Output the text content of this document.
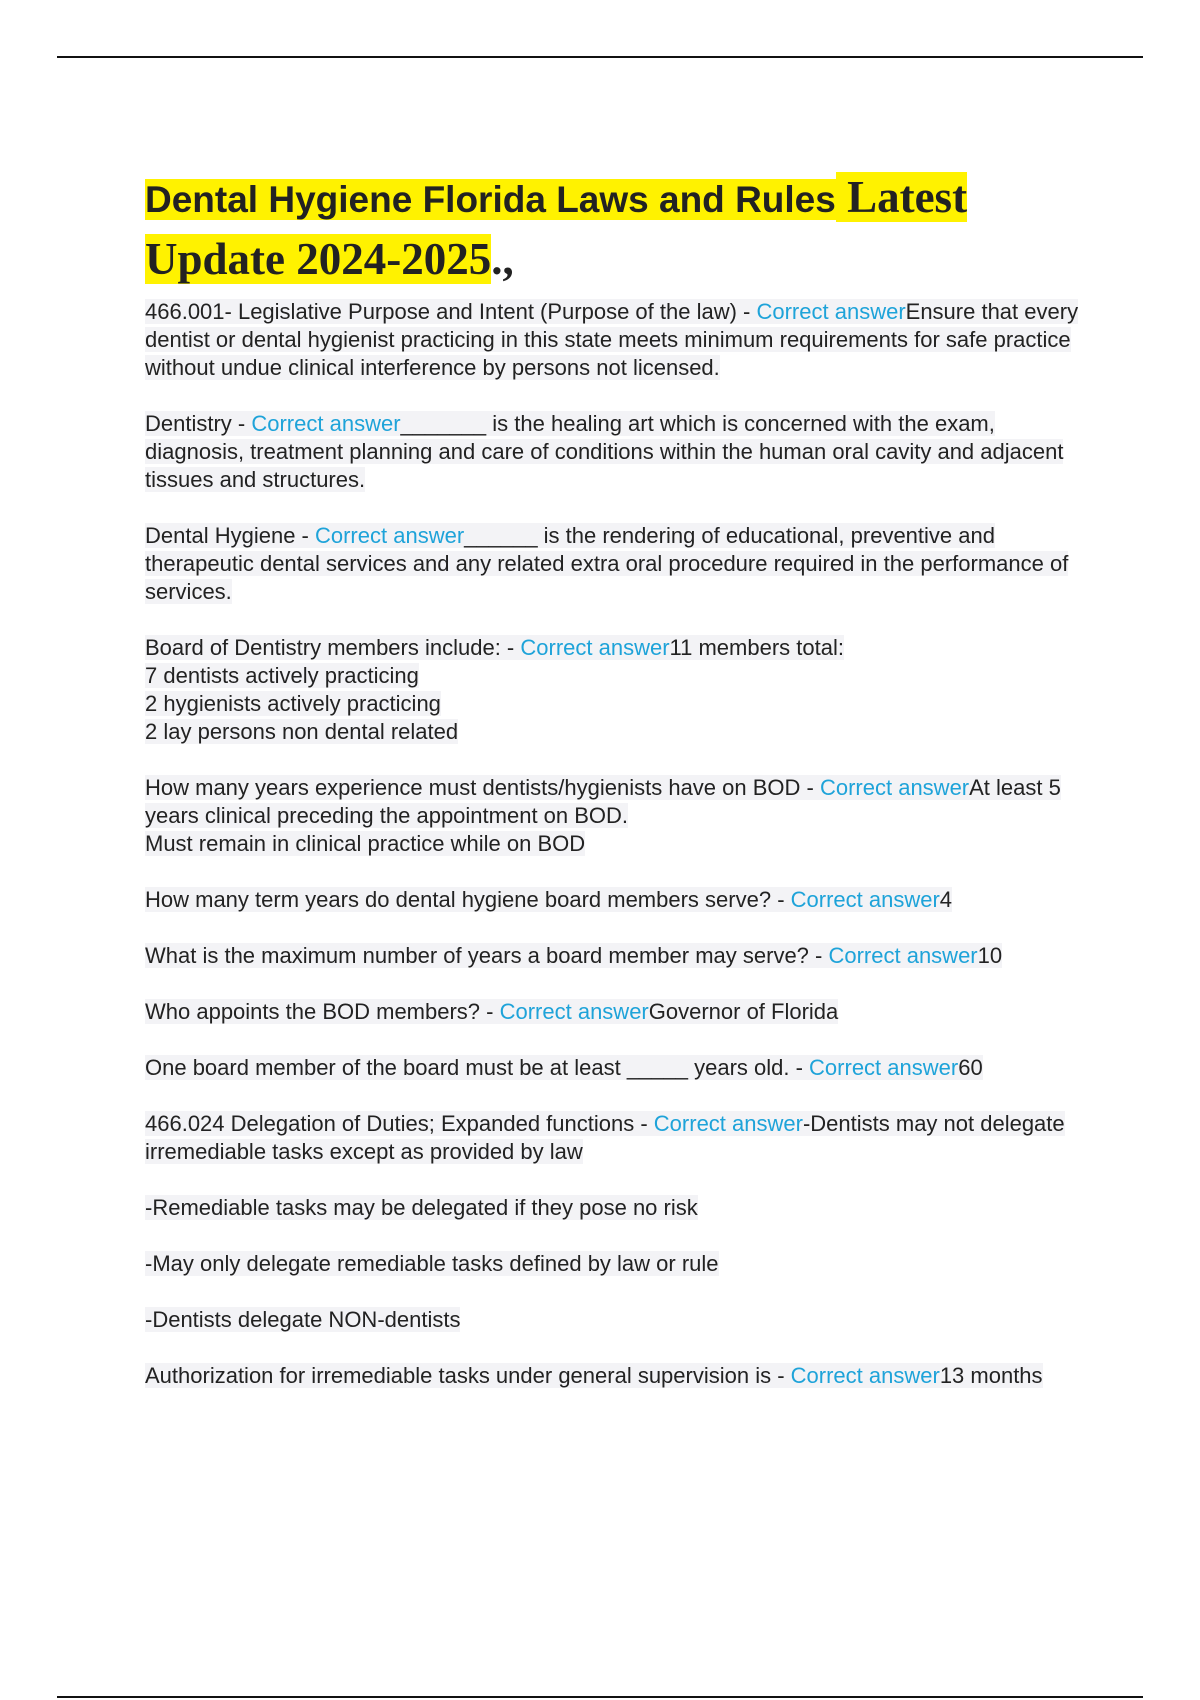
Dental Hygiene Florida Laws and Rules Latest
Update 2024-2025.,

466.001- Legislative Purpose and Intent (Purpose of the law) - Correct answerEnsure that every dentist or dental hygienist practicing in this state meets minimum requirements for safe practice without undue clinical interference by persons not licensed.

Dentistry - Correct answer_______ is the healing art which is concerned with the exam, diagnosis, treatment planning and care of conditions within the human oral cavity and adjacent tissues and structures.

Dental Hygiene - Correct answer______ is the rendering of educational, preventive and therapeutic dental services and any related extra oral procedure required in the performance of services.

Board of Dentistry members include: - Correct answer11 members total:
7 dentists actively practicing
2 hygienists actively practicing
2 lay persons non dental related

How many years experience must dentists/hygienists have on BOD - Correct answerAt least 5 years clinical preceding the appointment on BOD.
Must remain in clinical practice while on BOD

How many term years do dental hygiene board members serve? - Correct answer4

What is the maximum number of years a board member may serve? - Correct answer10

Who appoints the BOD members? - Correct answerGovernor of Florida

One board member of the board must be at least _____ years old. - Correct answer60

466.024 Delegation of Duties; Expanded functions - Correct answer-Dentists may not delegate irremediable tasks except as provided by law

-Remediable tasks may be delegated if they pose no risk

-May only delegate remediable tasks defined by law or rule

-Dentists delegate NON-dentists

Authorization for irremediable tasks under general supervision is - Correct answer13 months
